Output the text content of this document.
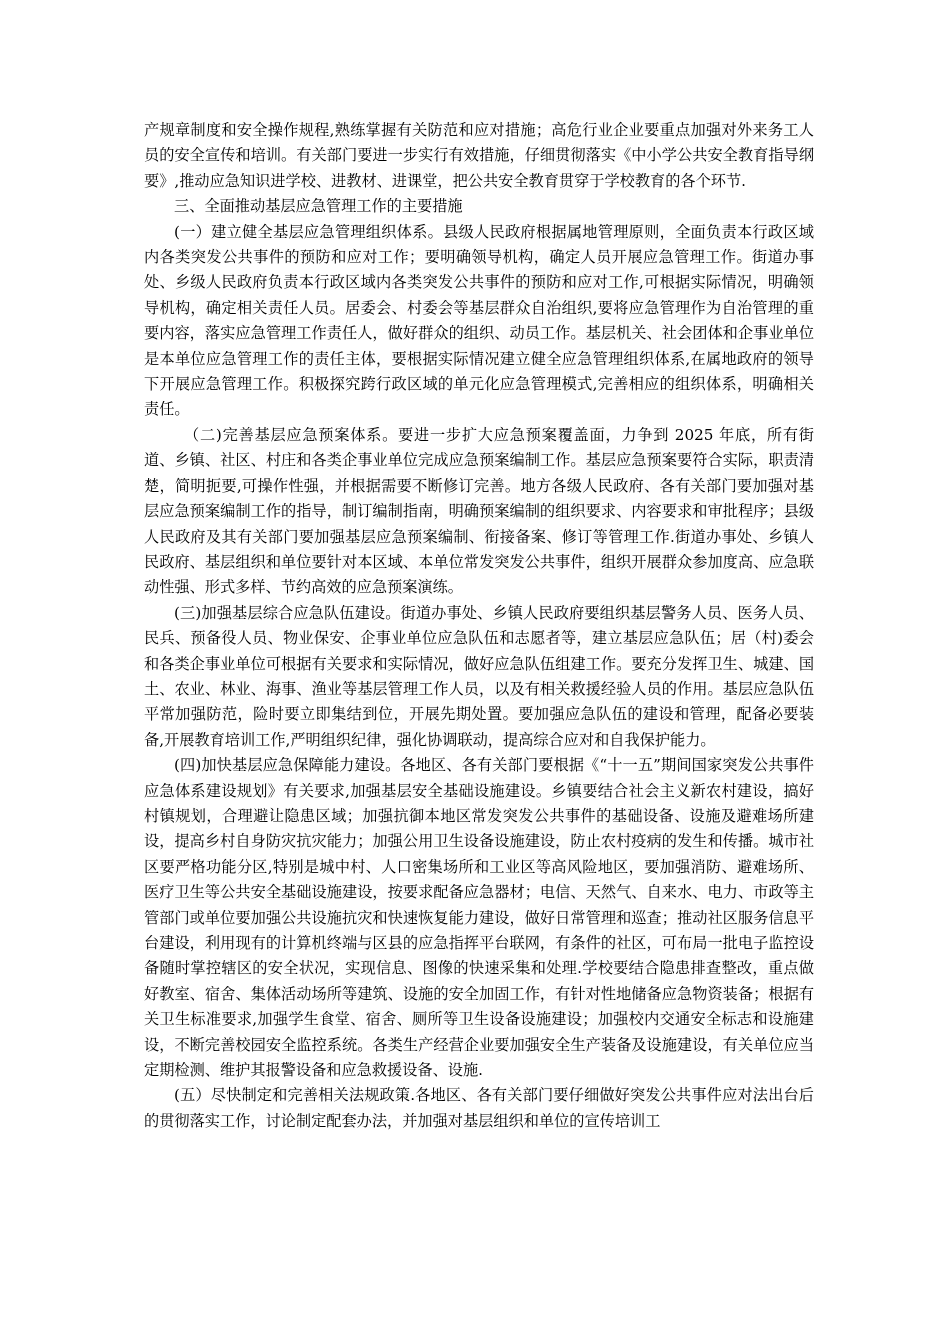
产规章制度和安全操作规程,熟练掌握有关防范和应对措施；高危行业企业要重点加强对外来务工人员的安全宣传和培训。有关部门要进一步实行有效措施，仔细贯彻落实《中小学公共安全教育指导纲要》,推动应急知识进学校、进教材、进课堂，把公共安全教育贯穿于学校教育的各个环节.

三、全面推动基层应急管理工作的主要措施

(一）建立健全基层应急管理组织体系。县级人民政府根据属地管理原则，全面负责本行政区域内各类突发公共事件的预防和应对工作；要明确领导机构，确定人员开展应急管理工作。街道办事处、乡级人民政府负责本行政区域内各类突发公共事件的预防和应对工作,可根据实际情况，明确领导机构，确定相关责任人员。居委会、村委会等基层群众自治组织,要将应急管理作为自治管理的重要内容，落实应急管理工作责任人，做好群众的组织、动员工作。基层机关、社会团体和企事业单位是本单位应急管理工作的责任主体，要根据实际情况建立健全应急管理组织体系,在属地政府的领导下开展应急管理工作。积极探究跨行政区域的单元化应急管理模式,完善相应的组织体系，明确相关责任。

（二)完善基层应急预案体系。要进一步扩大应急预案覆盖面，力争到 2025 年底，所有街道、乡镇、社区、村庄和各类企事业单位完成应急预案编制工作。基层应急预案要符合实际，职责清楚，简明扼要,可操作性强，并根据需要不断修订完善。地方各级人民政府、各有关部门要加强对基层应急预案编制工作的指导，制订编制指南，明确预案编制的组织要求、内容要求和审批程序；县级人民政府及其有关部门要加强基层应急预案编制、衔接备案、修订等管理工作.街道办事处、乡镇人民政府、基层组织和单位要针对本区域、本单位常发突发公共事件，组织开展群众参加度高、应急联动性强、形式多样、节约高效的应急预案演练。

(三)加强基层综合应急队伍建设。街道办事处、乡镇人民政府要组织基层警务人员、医务人员、民兵、预备役人员、物业保安、企事业单位应急队伍和志愿者等，建立基层应急队伍；居（村)委会和各类企事业单位可根据有关要求和实际情况，做好应急队伍组建工作。要充分发挥卫生、城建、国土、农业、林业、海事、渔业等基层管理工作人员，以及有相关救援经验人员的作用。基层应急队伍平常加强防范，险时要立即集结到位，开展先期处置。要加强应急队伍的建设和管理，配备必要装备,开展教育培训工作,严明组织纪律，强化协调联动，提高综合应对和自我保护能力。

(四)加快基层应急保障能力建设。各地区、各有关部门要根据《“十一五”期间国家突发公共事件应急体系建设规划》有关要求,加强基层安全基础设施建设。乡镇要结合社会主义新农村建设，搞好村镇规划，合理避让隐患区域；加强抗御本地区常发突发公共事件的基础设备、设施及避难场所建设，提高乡村自身防灾抗灾能力；加强公用卫生设备设施建设，防止农村疫病的发生和传播。城市社区要严格功能分区,特别是城中村、人口密集场所和工业区等高风险地区，要加强消防、避难场所、医疗卫生等公共安全基础设施建设，按要求配备应急器材；电信、天然气、自来水、电力、市政等主管部门或单位要加强公共设施抗灾和快速恢复能力建设，做好日常管理和巡查；推动社区服务信息平台建设，利用现有的计算机终端与区县的应急指挥平台联网，有条件的社区，可布局一批电子监控设备随时掌控辖区的安全状况，实现信息、图像的快速采集和处理.学校要结合隐患排查整改，重点做好教室、宿舍、集体活动场所等建筑、设施的安全加固工作，有针对性地储备应急物资装备；根据有关卫生标准要求,加强学生食堂、宿舍、厕所等卫生设备设施建设；加强校内交通安全标志和设施建设，不断完善校园安全监控系统。各类生产经营企业要加强安全生产装备及设施建设，有关单位应当定期检测、维护其报警设备和应急救援设备、设施.

(五）尽快制定和完善相关法规政策.各地区、各有关部门要仔细做好突发公共事件应对法出台后的贯彻落实工作，讨论制定配套办法，并加强对基层组织和单位的宣传培训工
